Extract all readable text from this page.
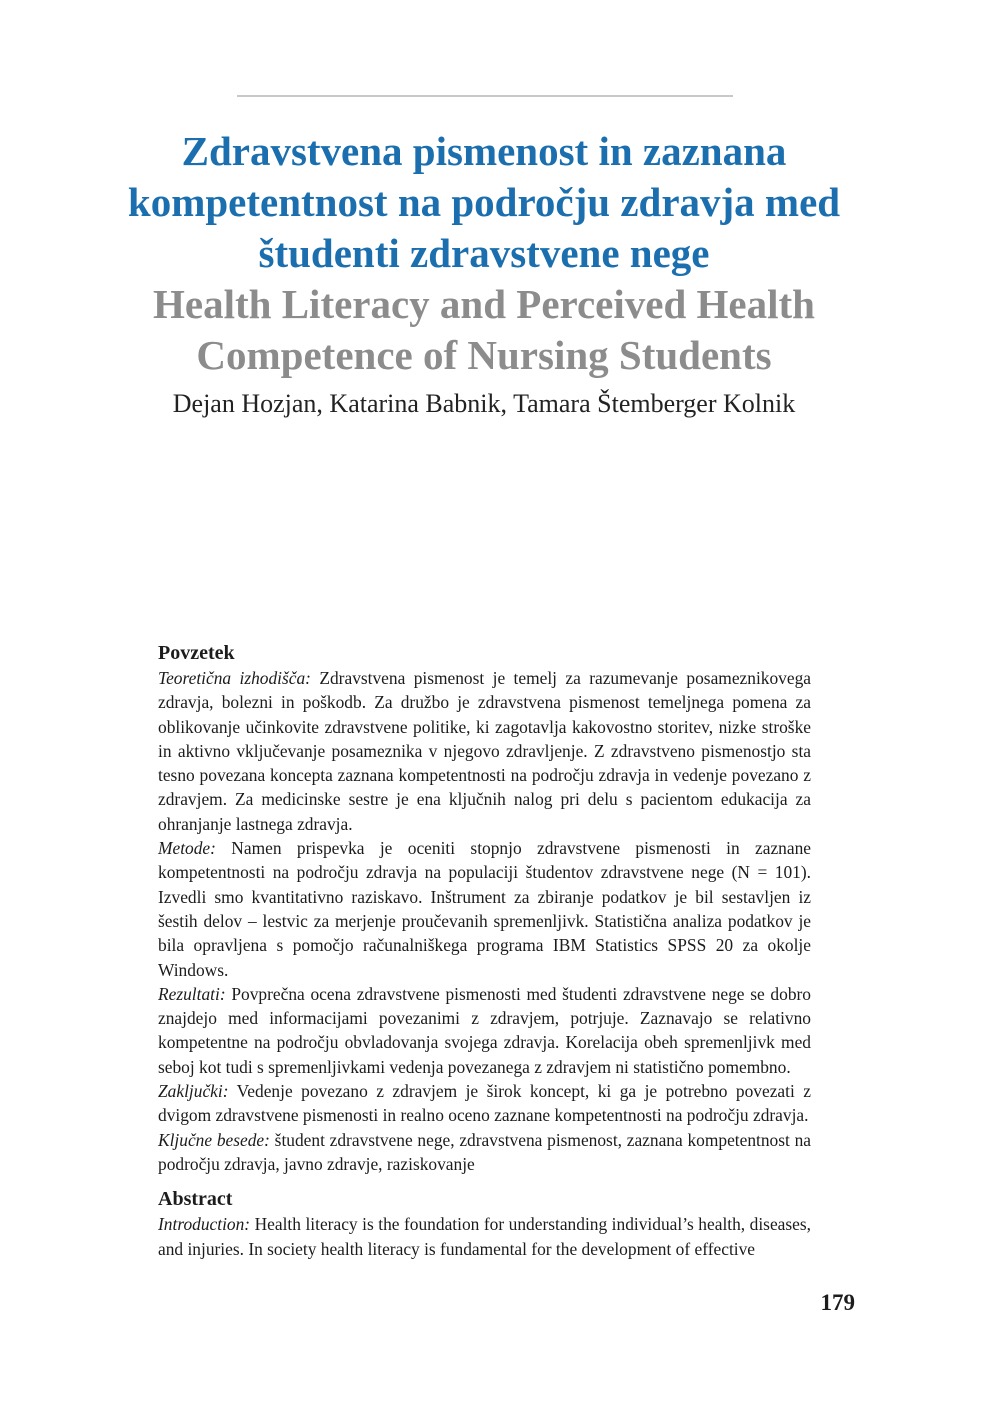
Zdravstvena pismenost in zaznana kompetentnost na področju zdravja med študenti zdravstvene nege
Health Literacy and Perceived Health Competence of Nursing Students
Dejan Hozjan, Katarina Babnik, Tamara Štemberger Kolnik
Povzetek

Teoretična izhodišča: Zdravstvena pismenost je temelj za razumevanje posameznikovega zdravja, bolezni in poškodb. Za družbo je zdravstvena pismenost temeljnega pomena za oblikovanje učinkovite zdravstvene politike, ki zagotavlja kakovostno storitev, nizke stroške in aktivno vključevanje posameznika v njegovo zdravljenje. Z zdravstveno pismenostjo sta tesno povezana koncepta zaznana kompetentnosti na področju zdravja in vedenje povezano z zdravjem. Za medicinske sestre je ena ključnih nalog pri delu s pacientom edukacija za ohranjanje lastnega zdravja.

Metode: Namen prispevka je oceniti stopnjo zdravstvene pismenosti in zaznane kompetentnosti na področju zdravja na populaciji študentov zdravstvene nege (N = 101). Izvedli smo kvantitativno raziskavo. Inštrument za zbiranje podatkov je bil sestavljen iz šestih delov – lestvic za merjenje proučevanih spremenljivk. Statistična analiza podatkov je bila opravljena s pomočjo računalniškega programa IBM Statistics SPSS 20 za okolje Windows.

Rezultati: Povprečna ocena zdravstvene pismenosti med študenti zdravstvene nege se dobro znajdejo med informacijami povezanimi z zdravjem, potrjuje. Zaznavajo se relativno kompetentne na področju obvladovanja svojega zdravja. Korelacija obeh spremenljivk med seboj kot tudi s spremenljivkami vedenja povezanega z zdravjem ni statistično pomembno.

Zaključki: Vedenje povezano z zdravjem je širok koncept, ki ga je potrebno povezati z dvigom zdravstvene pismenosti in realno oceno zaznane kompetentnosti na področju zdravja.

Ključne besede: študent zdravstvene nege, zdravstvena pismenost, zaznana kompetentnost na področju zdravja, javno zdravje, raziskovanje

Abstract

Introduction: Health literacy is the foundation for understanding individual’s health, diseases, and injuries. In society health literacy is fundamental for the development of effective

179
